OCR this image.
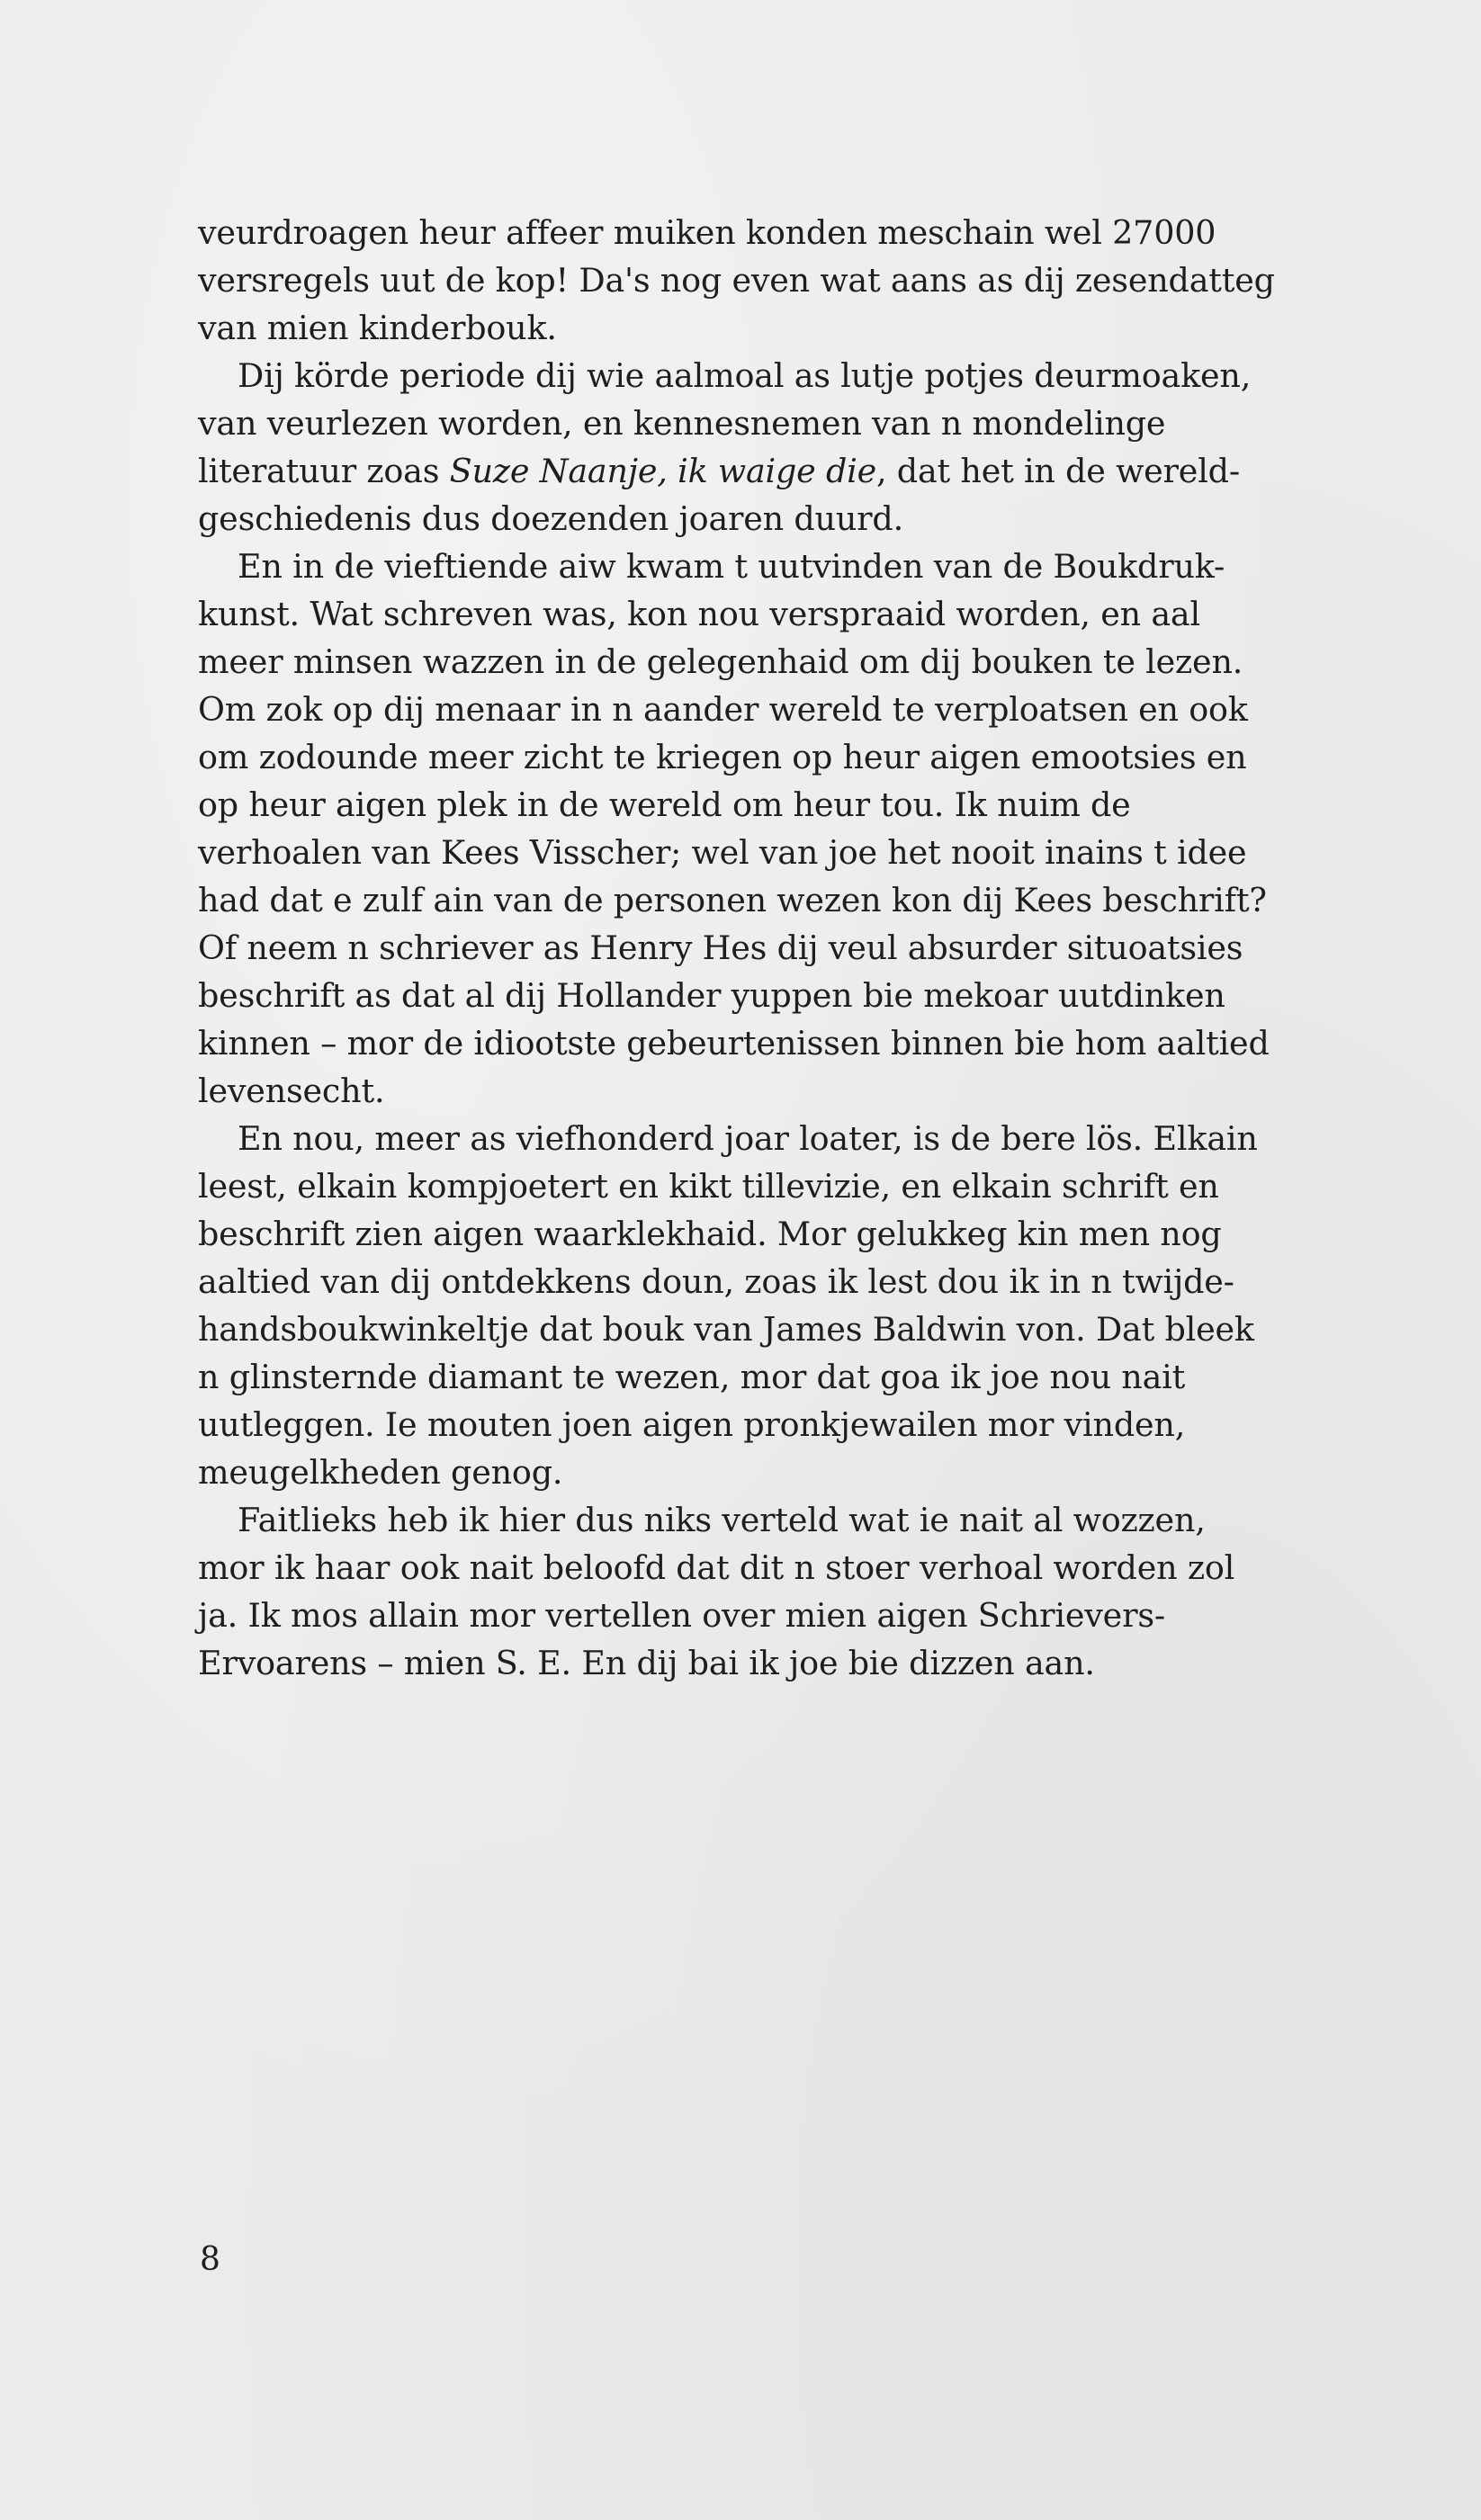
veurdroagen heur affeer muiken konden meschain wel 27000
versregels uut de kop! Da's nog even wat aans as dij zesendatteg
van mien kinderbouk.
Dij körde periode dij wie aalmoal as lutje potjes deurmoaken,
van veurlezen worden, en kennesnemen van n mondelinge
literatuur zoas Suze Naanje, ik waige die, dat het in de wereld-
geschiedenis dus doezenden joaren duurd.
En in de vieftiende aiw kwam t uutvinden van de Boukdruk-
kunst. Wat schreven was, kon nou verspraaid worden, en aal
meer minsen wazzen in de gelegenhaid om dij bouken te lezen.
Om zok op dij menaar in n aander wereld te verploatsen en ook
om zodounde meer zicht te kriegen op heur aigen emootsies en
op heur aigen plek in de wereld om heur tou. Ik nuim de
verhoalen van Kees Visscher; wel van joe het nooit inains t idee
had dat e zulf ain van de personen wezen kon dij Kees beschrift?
Of neem n schriever as Henry Hes dij veul absurder situoatsies
beschrift as dat al dij Hollander yuppen bie mekoar uutdinken
kinnen – mor de idiootste gebeurtenissen binnen bie hom aaltied
levensecht.
En nou, meer as viefhonderd joar loater, is de bere lös. Elkain
leest, elkain kompjoetert en kikt tillevizie, en elkain schrift en
beschrift zien aigen waarklekhaid. Mor gelukkeg kin men nog
aaltied van dij ontdekkens doun, zoas ik lest dou ik in n twijde-
handsboukwinkeltje dat bouk van James Baldwin von. Dat bleek
n glinsternde diamant te wezen, mor dat goa ik joe nou nait
uutleggen. Ie mouten joen aigen pronkjewailen mor vinden,
meugelkheden genog.
Faitlieks heb ik hier dus niks verteld wat ie nait al wozzen,
mor ik haar ook nait beloofd dat dit n stoer verhoal worden zol
ja. Ik mos allain mor vertellen over mien aigen Schrievers-
Ervoarens – mien S. E. En dij bai ik joe bie dizzen aan.
8
